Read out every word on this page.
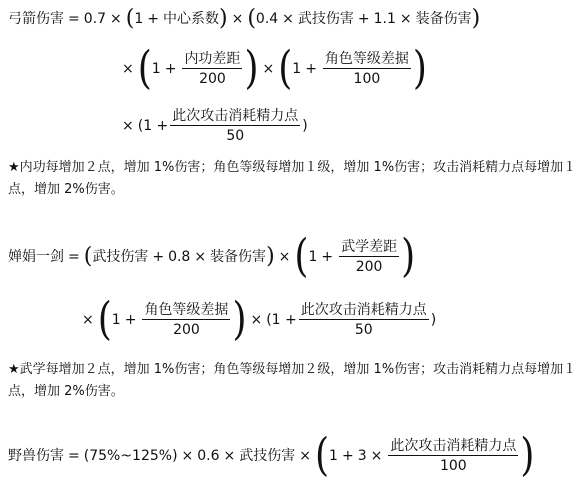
弓箭伤害 = 0.7 × ( 1 + 中心系数 ) × ( 0.4 × 武技伤害 + 1.1 × 装备伤害 )
× ( $1 + \frac{\text{内功差距}}{200}$ ) × ( $1 + \frac{\text{角色等级差据}}{100}$ )
× ($1 + \frac{\text{此次攻击消耗精力点}}{50}$ )
★内功每增加２点，增加 1%伤害；角色等级每增加１级，增加 1%伤害；攻击消耗精力点每增加１点，增加 2%伤害。
婵娟一剑 = ( 武技伤害 + 0.8 × 装备伤害 ) × ( $1 + \frac{\text{武学差距}}{200}$ )
× ( $1 + \frac{\text{角色等级差据}}{200}$ ) × ($1 + \frac{\text{此次攻击消耗精力点}}{50}$ )
★武学每增加２点，增加 1%伤害；角色等级每增加２级，增加 1%伤害；攻击消耗精力点每增加１点，增加 2%伤害。
野兽伤害 = (75%~125%) × 0.6 × 武技伤害 × ( $1 + 3 \times \frac{\text{此次攻击消耗精力点}}{100}$ )
